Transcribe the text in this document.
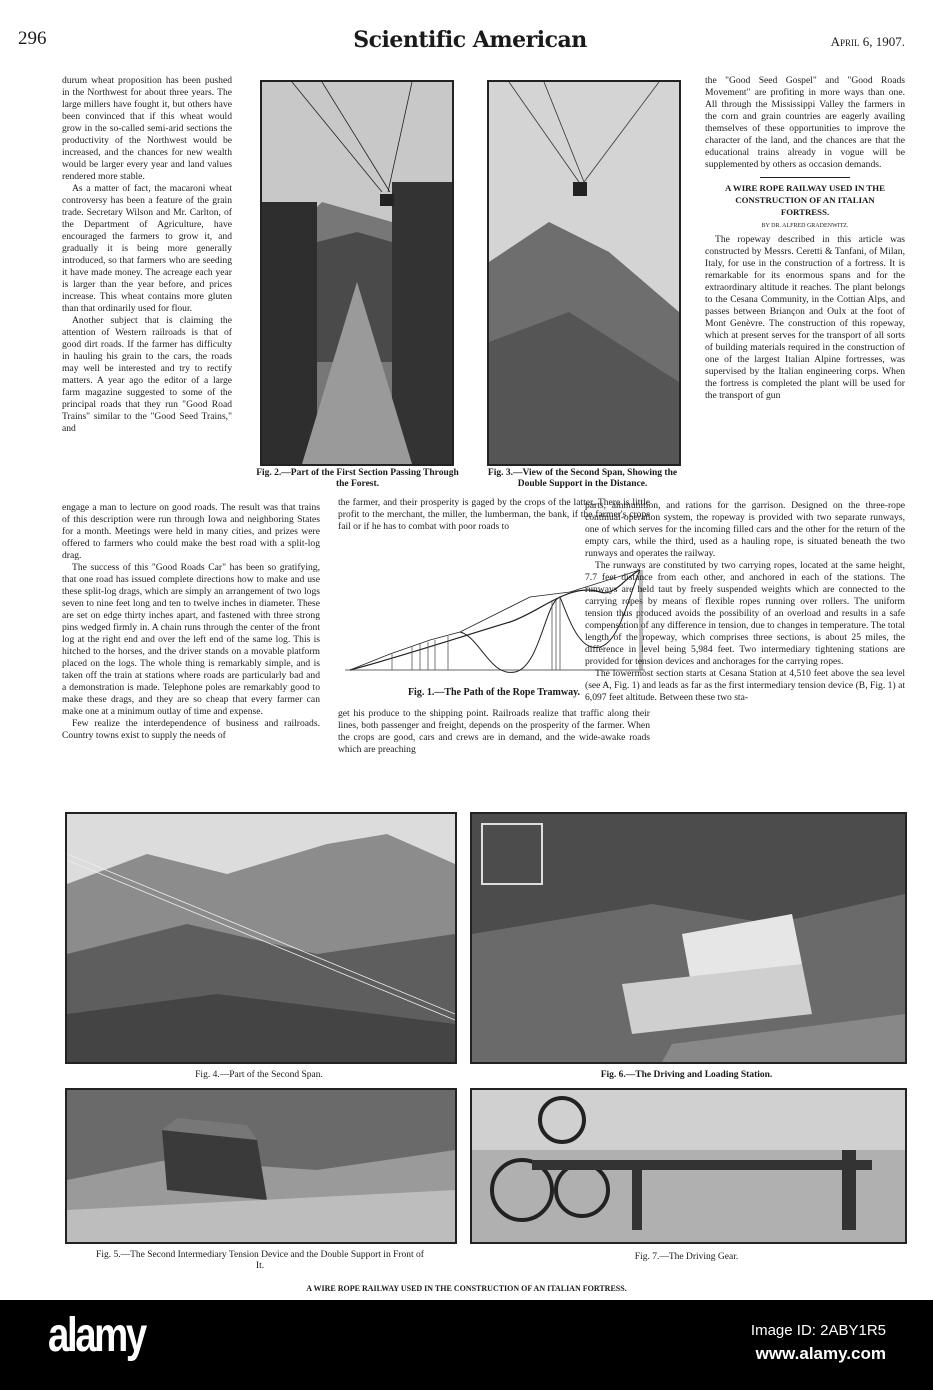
296	Scientific American	April 6, 1907.

durum wheat proposition has been pushed in the Northwest for about three years. The large millers have fought it, but others have been convinced that if this wheat would grow in the so-called semi-arid sections the productivity of the Northwest would be increased, and the chances for new wealth would be larger every year and land values rendered more stable.

As a matter of fact, the macaroni wheat controversy has been a feature of the grain trade. Secretary Wilson and Mr. Carlton, of the Department of Agriculture, have encouraged the farmers to grow it, and gradually it is being more generally introduced, so that farmers who are seeding it have made money. The acreage each year is larger than the year before, and prices increase. This wheat contains more gluten than that ordinarily used for flour.

Another subject that is claiming the attention of Western railroads is that of good dirt roads. If the farmer has difficulty in hauling his grain to the cars, the roads may well be interested and try to rectify matters. A year ago the editor of a large farm magazine suggested to some of the principal roads that they run "Good Road Trains" similar to the "Good Seed Trains," and

Fig. 2.—Part of the First Section Passing Through the Forest.
Fig. 3.—View of the Second Span, Showing the Double Support in the Distance.

the "Good Seed Gospel" and "Good Roads Movement" are profiting in more ways than one. All through the Mississippi Valley the farmers in the corn and grain countries are eagerly availing themselves of these opportunities to improve the character of the land, and the chances are that the educational trains already in vogue will be supplemented by others as occasion demands.

A WIRE ROPE RAILWAY USED IN THE CONSTRUCTION OF AN ITALIAN FORTRESS.
BY DR. ALFRED GRADENWITZ.

The ropeway described in this article was constructed by Messrs. Ceretti & Tanfani, of Milan, Italy, for use in the construction of a fortress. It is remarkable for its enormous spans and for the extraordinary altitude it reaches. The plant belongs to the Cesana Community, in the Cottian Alps, and passes between Briançon and Oulx at the foot of Mont Genèvre. The construction of this ropeway, which at present serves for the transport of all sorts of building materials required in the construction of one of the largest Italian Alpine fortresses, was supervised by the Italian engineering corps. When the fortress is completed the plant will be used for the transport of gun

engage a man to lecture on good roads. The result was that trains of this description were run through Iowa and neighboring States for a month. Meetings were held in many cities, and prizes were offered to farmers who could make the best road with a split-log drag.

The success of this "Good Roads Car" has been so gratifying, that one road has issued complete directions how to make and use these split-log drags, which are simply an arrangement of two logs seven to nine feet long and ten to twelve inches in diameter. These are set on edge thirty inches apart, and fastened with three strong pins wedged firmly in. A chain runs through the center of the front log at the right end and over the left end of the same log. This is hitched to the horses, and the driver stands on a movable platform placed on the logs. The whole thing is remarkably simple, and is taken off the train at stations where roads are particularly bad and a demonstration is made. Telephone poles are remarkably good to make these drags, and they are so cheap that every farmer can make one at a minimum outlay of time and expense.

Few realize the interdependence of business and railroads. Country towns exist to supply the needs of

the farmer, and their prosperity is gaged by the crops of the latter. There is little profit to the merchant, the miller, the lumberman, the bank, if the farmer's crops fail or if he has to combat with poor roads to

Fig. 1.—The Path of the Rope Tramway.

get his produce to the shipping point. Railroads realize that traffic along their lines, both passenger and freight, depends on the prosperity of the farmer. When the crops are good, cars and crews are in demand, and the wide-awake roads which are preaching

parts, ammunition, and rations for the garrison. Designed on the three-rope continual-operation system, the ropeway is provided with two separate runways, one of which serves for the incoming filled cars and the other for the return of the empty cars, while the third, used as a hauling rope, is situated beneath the two runways and operates the railway.

The runways are constituted by two carrying ropes, located at the same height, 7.7 feet distance from each other, and anchored in each of the stations. The runways are held taut by freely suspended weights which are connected to the carrying ropes by means of flexible ropes running over rollers. The uniform tension thus produced avoids the possibility of an overload and results in a safe compensation of any difference in tension, due to changes in temperature. The total length of the ropeway, which comprises three sections, is about 25 miles, the difference in level being 5,984 feet. Two intermediary tightening stations are provided for tension devices and anchorages for the carrying ropes.

The lowermost section starts at Cesana Station at 4,510 feet above the sea level (see A, Fig. 1) and leads as far as the first intermediary tension device (B, Fig. 1) at 6,097 feet altitude. Between these two sta-

Fig. 4.—Part of the Second Span.	Fig. 6.—The Driving and Loading Station.
Fig. 5.—The Second Intermediary Tension Device and the Double Support in Front of It.
Fig. 7.—The Driving Gear.
A WIRE ROPE RAILWAY USED IN THE CONSTRUCTION OF AN ITALIAN FORTRESS.
alamy	Image ID: 2ABY1R5
www.alamy.com
